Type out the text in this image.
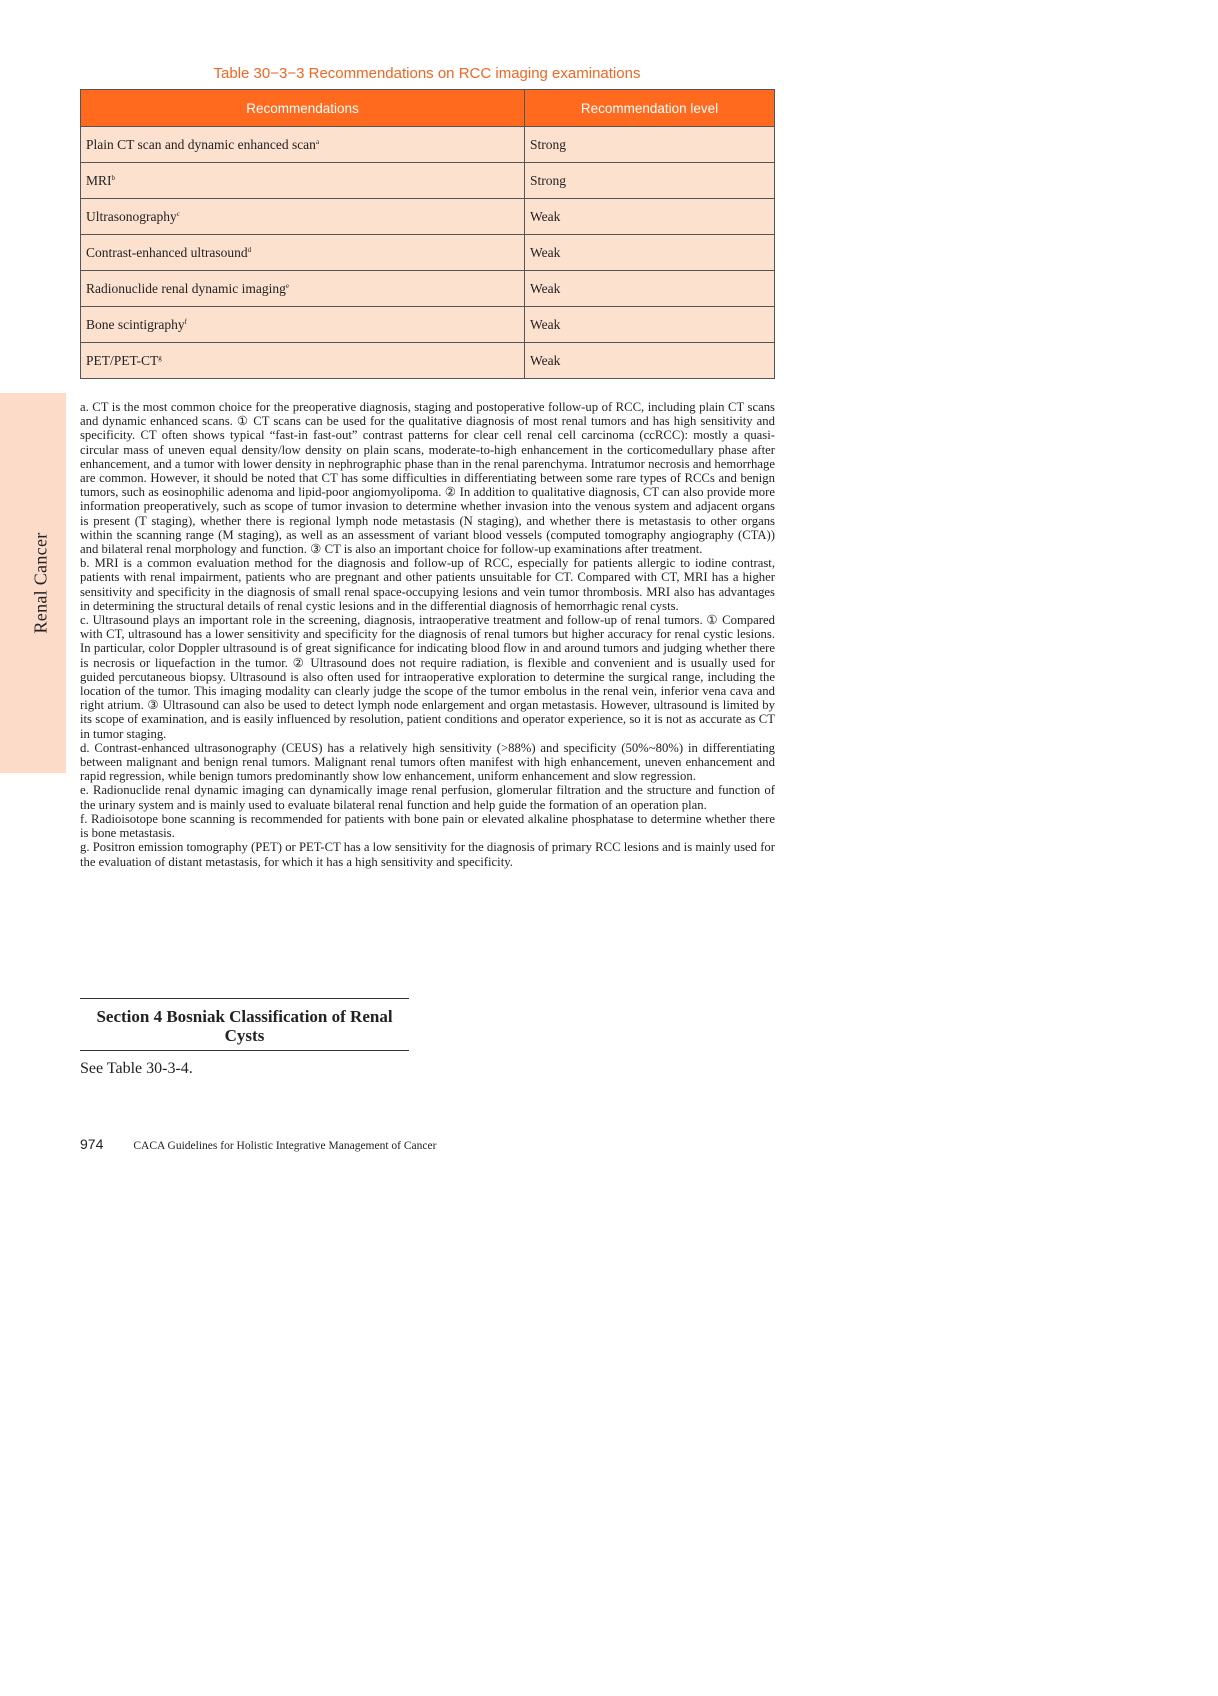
Renal Cancer
Table 30−3−3 Recommendations on RCC imaging examinations
Recommendations	Recommendation level
Plain CT scan and dynamic enhanced scan$^a$	Strong
MRI$^b$	Strong
Ultrasonography$^c$	Weak
Contrast-enhanced ultrasound$^d$	Weak
Radionuclide renal dynamic imaging$^e$	Weak
Bone scintigraphy$^f$	Weak
PET/$PET-CT^g$	Weak

a. CT is the most common choice for the preoperative diagnosis, staging and postoperative follow-up of RCC, including plain CT scans and dynamic enhanced scans. ① CT scans can be used for the qualitative diagnosis of most renal tumors and has high sensitivity and specificity. CT often shows typical “fast-in fast-out” contrast patterns for clear cell renal cell carcinoma (ccRCC): mostly a quasi-circular mass of uneven equal density/low density on plain scans, moderate-to-high enhancement in the corticomedullary phase after enhancement, and a tumor with lower density in nephrographic phase than in the renal parenchyma. Intratumor necrosis and hemorrhage are common. However, it should be noted that CT has some difficulties in differentiating between some rare types of RCCs and benign tumors, such as eosinophilic adenoma and lipid-poor angiomyolipoma. ② In addition to qualitative diagnosis, CT can also provide more information preoperatively, such as scope of tumor invasion to determine whether invasion into the venous system and adjacent organs is present (T staging), whether there is regional lymph node metastasis (N staging), and whether there is metastasis to other organs within the scanning range (M staging), as well as an assessment of variant blood vessels (computed tomography angiography (CTA)) and bilateral renal morphology and function. ③ CT is also an important choice for follow-up examinations after treatment.

b. MRI is a common evaluation method for the diagnosis and follow-up of RCC, especially for patients allergic to iodine contrast, patients with renal impairment, patients who are pregnant and other patients unsuitable for CT. Compared with CT, MRI has a higher sensitivity and specificity in the diagnosis of small renal space-occupying lesions and vein tumor thrombosis. MRI also has advantages in determining the structural details of renal cystic lesions and in the differential diagnosis of hemorrhagic renal cysts.

c. Ultrasound plays an important role in the screening, diagnosis, intraoperative treatment and follow-up of renal tumors. ① Compared with CT, ultrasound has a lower sensitivity and specificity for the diagnosis of renal tumors but higher accuracy for renal cystic lesions. In particular, color Doppler ultrasound is of great significance for indicating blood flow in and around tumors and judging whether there is necrosis or liquefaction in the tumor. ② Ultrasound does not require radiation, is flexible and convenient and is usually used for guided percutaneous biopsy. Ultrasound is also often used for intraoperative exploration to determine the surgical range, including the location of the tumor. This imaging modality can clearly judge the scope of the tumor embolus in the renal vein, inferior vena cava and right atrium. ③ Ultrasound can also be used to detect lymph node enlargement and organ metastasis. However, ultrasound is limited by its scope of examination, and is easily influenced by resolution, patient conditions and operator experience, so it is not as accurate as CT in tumor staging.

d. Contrast-enhanced ultrasonography (CEUS) has a relatively high sensitivity (>88%) and specificity (50%~80%) in differentiating between malignant and benign renal tumors. Malignant renal tumors often manifest with high enhancement, uneven enhancement and rapid regression, while benign tumors predominantly show low enhancement, uniform enhancement and slow regression.

e. Radionuclide renal dynamic imaging can dynamically image renal perfusion, glomerular filtration and the structure and function of the urinary system and is mainly used to evaluate bilateral renal function and help guide the formation of an operation plan.

f. Radioisotope bone scanning is recommended for patients with bone pain or elevated alkaline phosphatase to determine whether there is bone metastasis.

g. Positron emission tomography (PET) or PET-CT has a low sensitivity for the diagnosis of primary RCC lesions and is mainly used for the evaluation of distant metastasis, for which it has a high sensitivity and specificity.

Section 4 Bosniak Classification of Renal Cysts
See Table 30-3-4.
974	CACA Guidelines for Holistic Integrative Management of Cancer
